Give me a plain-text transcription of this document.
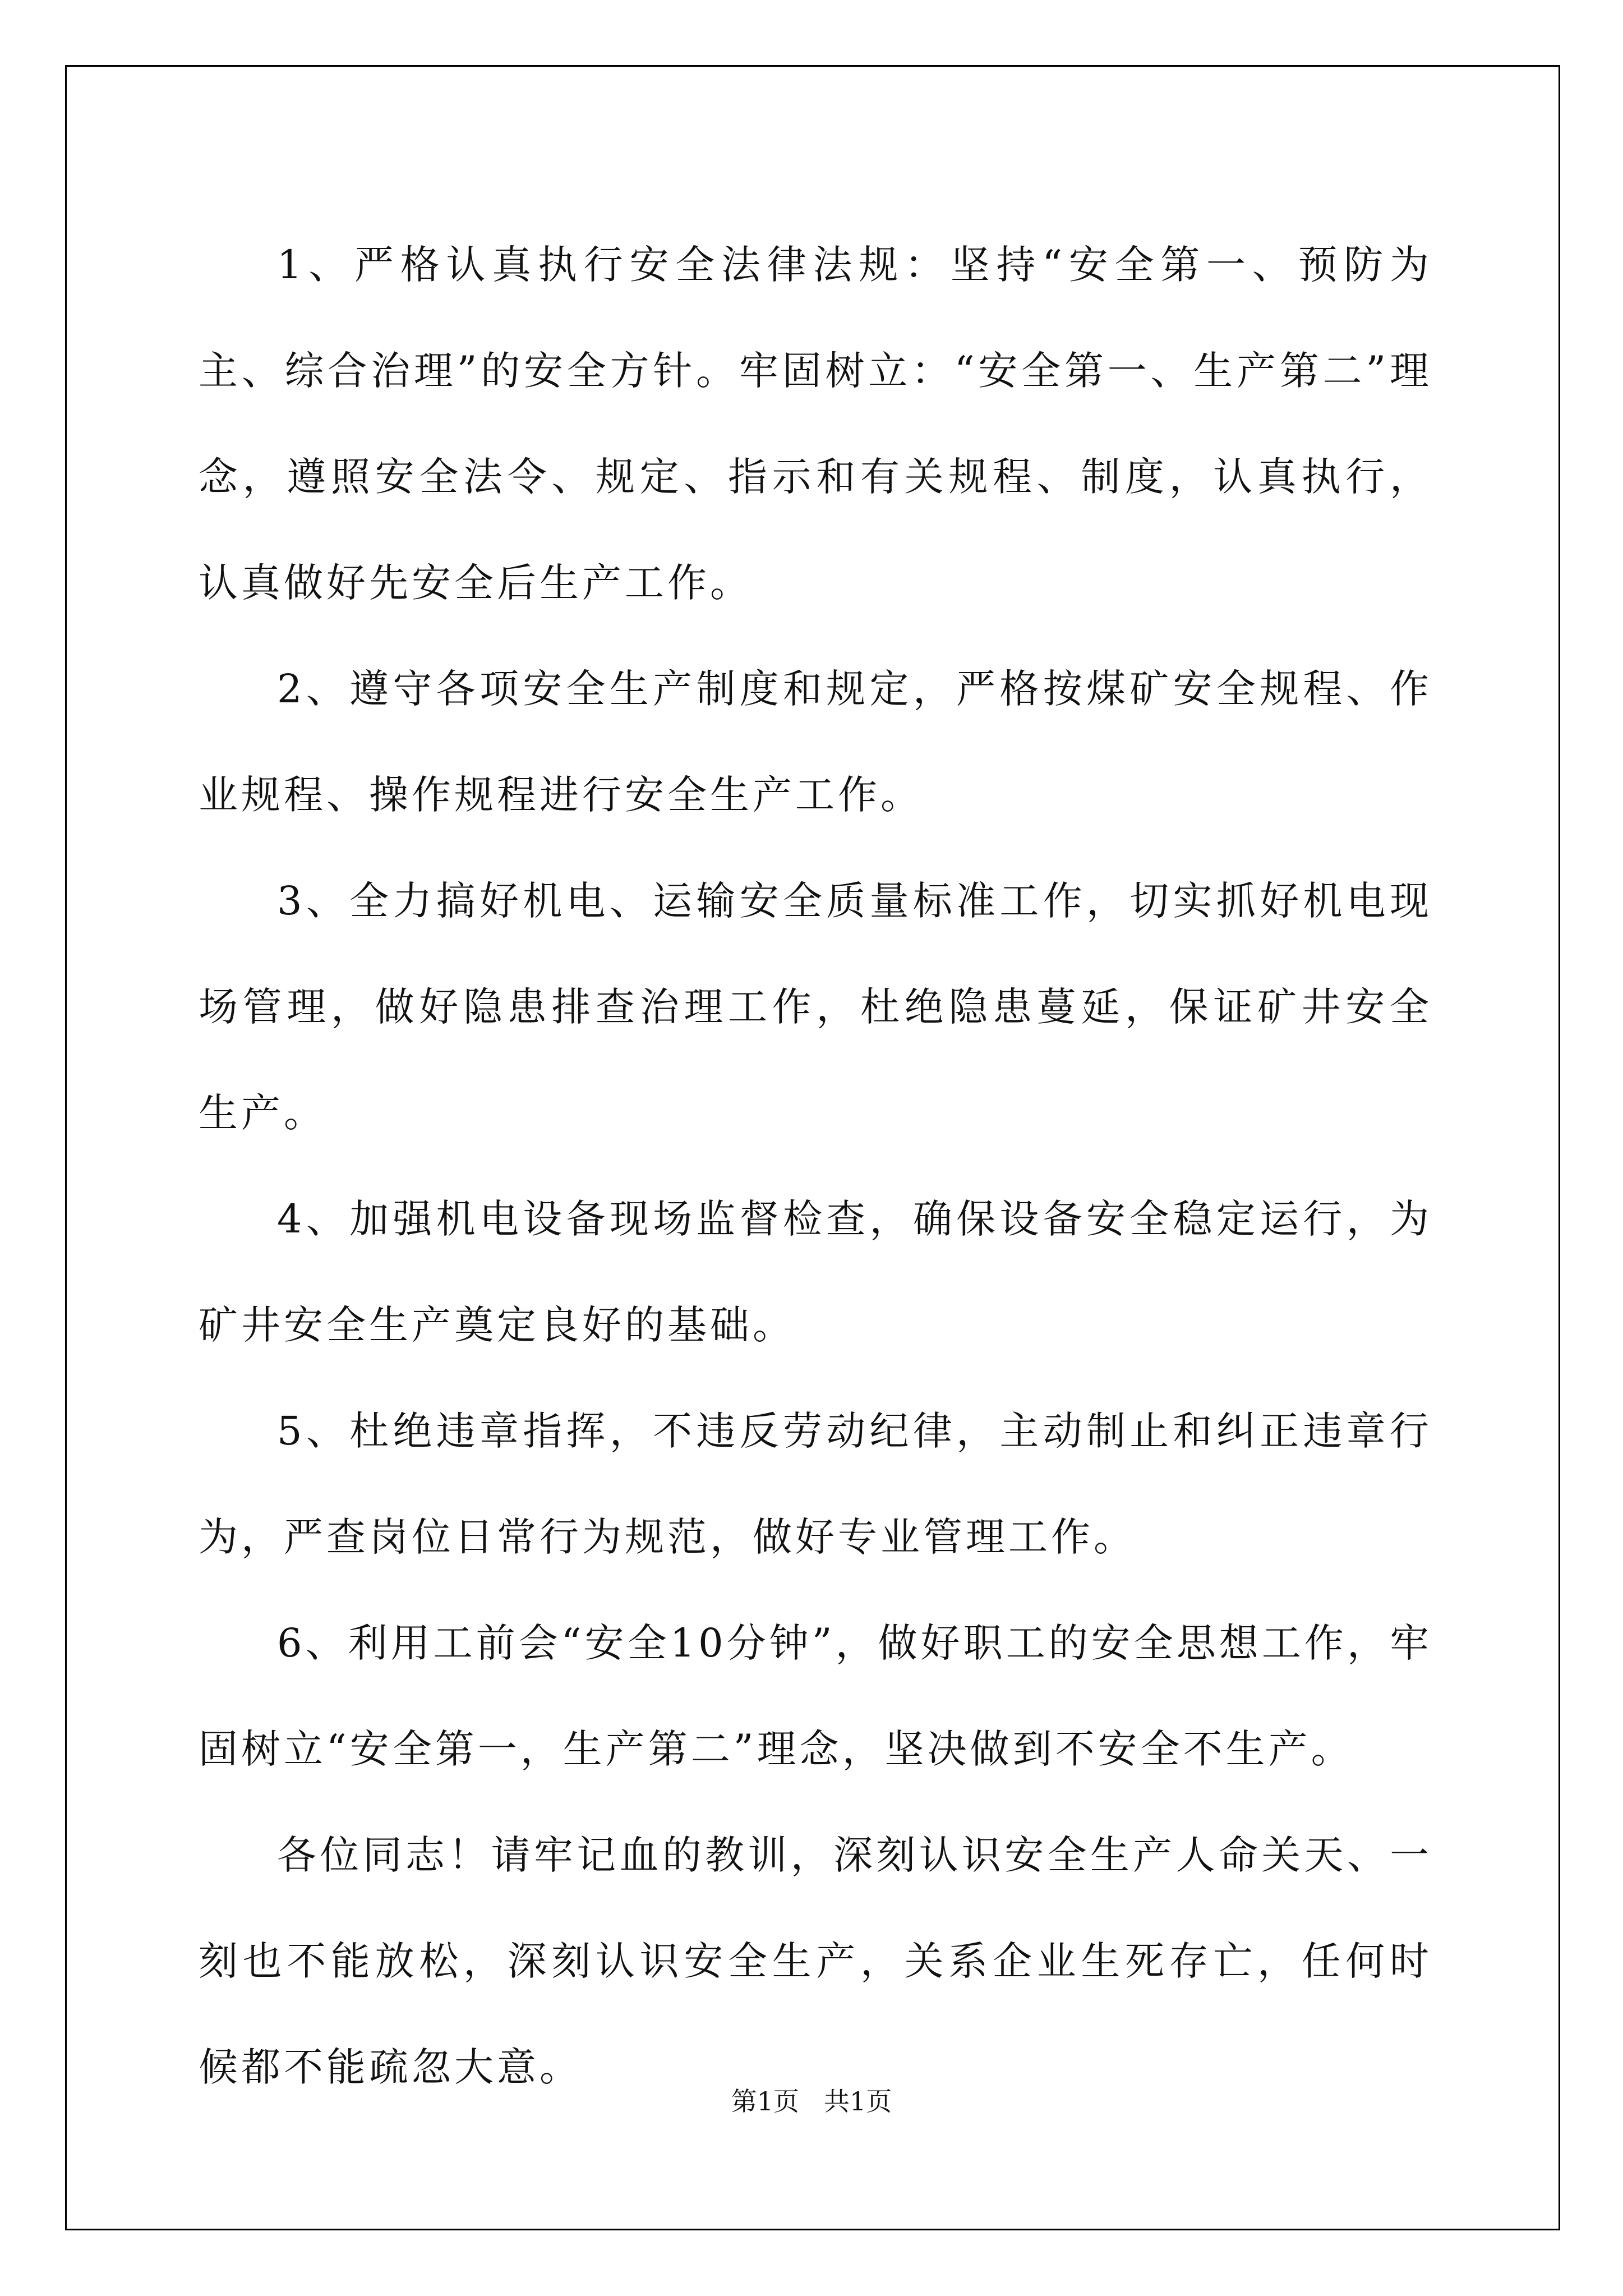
1、严格认真执行安全法律法规：坚持“安全第一、预防为主、综合治理”的安全方针。牢固树立：“安全第一、生产第二”理念，遵照安全法令、规定、指示和有关规程、制度，认真执行，认真做好先安全后生产工作。

2、遵守各项安全生产制度和规定，严格按煤矿安全规程、作业规程、操作规程进行安全生产工作。

3、全力搞好机电、运输安全质量标准工作，切实抓好机电现场管理，做好隐患排查治理工作，杜绝隐患蔓延，保证矿井安全生产。

4、加强机电设备现场监督检查，确保设备安全稳定运行，为矿井安全生产奠定良好的基础。

5、杜绝违章指挥，不违反劳动纪律，主动制止和纠正违章行为，严查岗位日常行为规范，做好专业管理工作。

6、利用工前会“安全10分钟”，做好职工的安全思想工作，牢固树立“安全第一，生产第二”理念，坚决做到不安全不生产。

各位同志！请牢记血的教训，深刻认识安全生产人命关天、一刻也不能放松，深刻认识安全生产，关系企业生死存亡，任何时候都不能疏忽大意。

第1页 共1页
